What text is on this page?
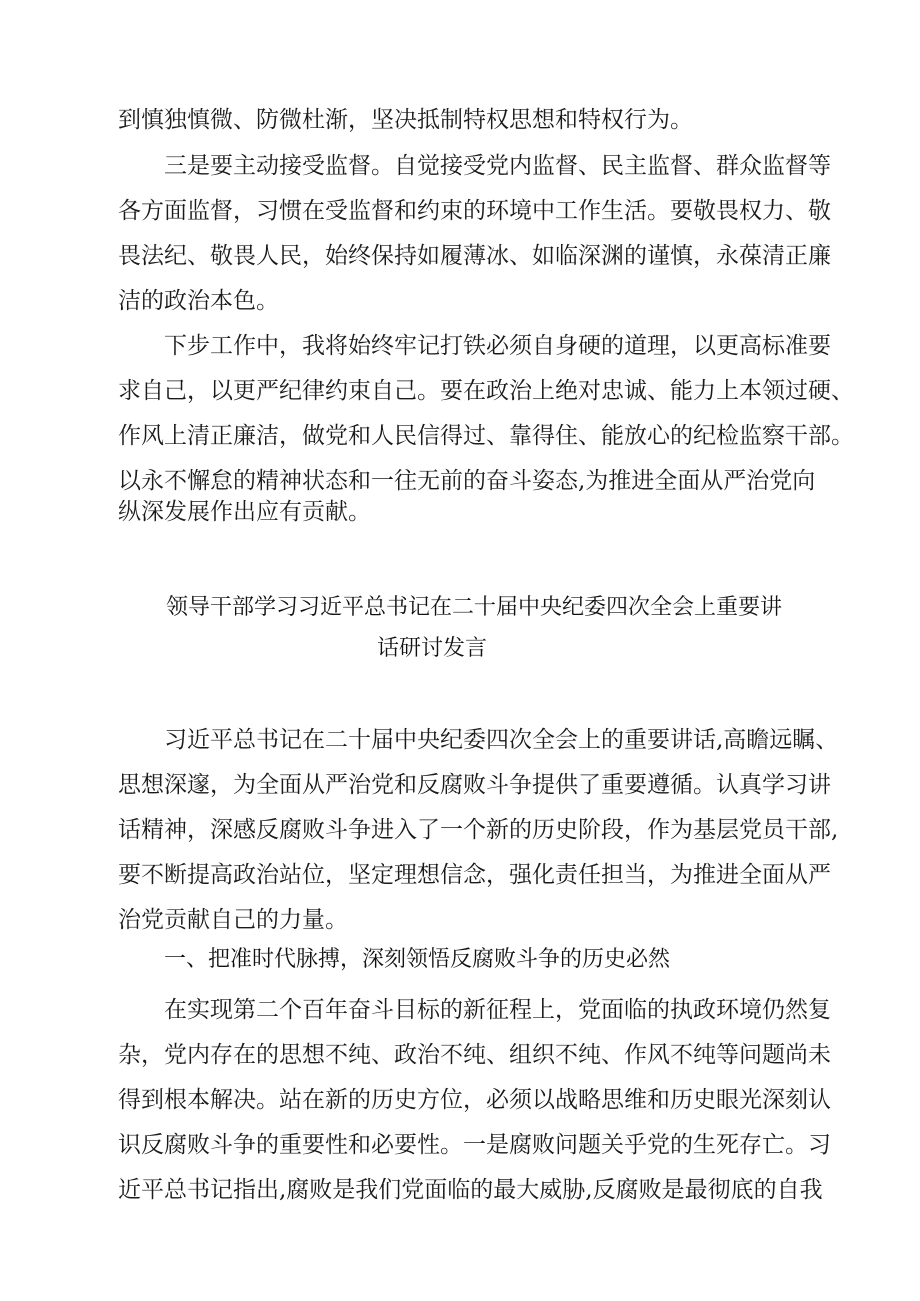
到慎独慎微、防微杜渐，坚决抵制特权思想和特权行为。
三是要主动接受监督。自觉接受党内监督、民主监督、群众监督等
各方面监督，习惯在受监督和约束的环境中工作生活。要敬畏权力、敬
畏法纪、敬畏人民，始终保持如履薄冰、如临深渊的谨慎，永葆清正廉
洁的政治本色。
下步工作中，我将始终牢记打铁必须自身硬的道理，以更高标准要
求自己，以更严纪律约束自己。要在政治上绝对忠诚、能力上本领过硬、
作风上清正廉洁，做党和人民信得过、靠得住、能放心的纪检监察干部。
以永不懈怠的精神状态和一往无前的奋斗姿态,为推进全面从严治党向
纵深发展作出应有贡献。
领导干部学习习近平总书记在二十届中央纪委四次全会上重要讲
话研讨发言
习近平总书记在二十届中央纪委四次全会上的重要讲话,高瞻远瞩、
思想深邃，为全面从严治党和反腐败斗争提供了重要遵循。认真学习讲
话精神，深感反腐败斗争进入了一个新的历史阶段，作为基层党员干部,
要不断提高政治站位，坚定理想信念，强化责任担当，为推进全面从严
治党贡献自己的力量。
一、把准时代脉搏，深刻领悟反腐败斗争的历史必然
在实现第二个百年奋斗目标的新征程上，党面临的执政环境仍然复
杂，党内存在的思想不纯、政治不纯、组织不纯、作风不纯等问题尚未
得到根本解决。站在新的历史方位，必须以战略思维和历史眼光深刻认
识反腐败斗争的重要性和必要性。一是腐败问题关乎党的生死存亡。习
近平总书记指出,腐败是我们党面临的最大威胁,反腐败是最彻底的自我
